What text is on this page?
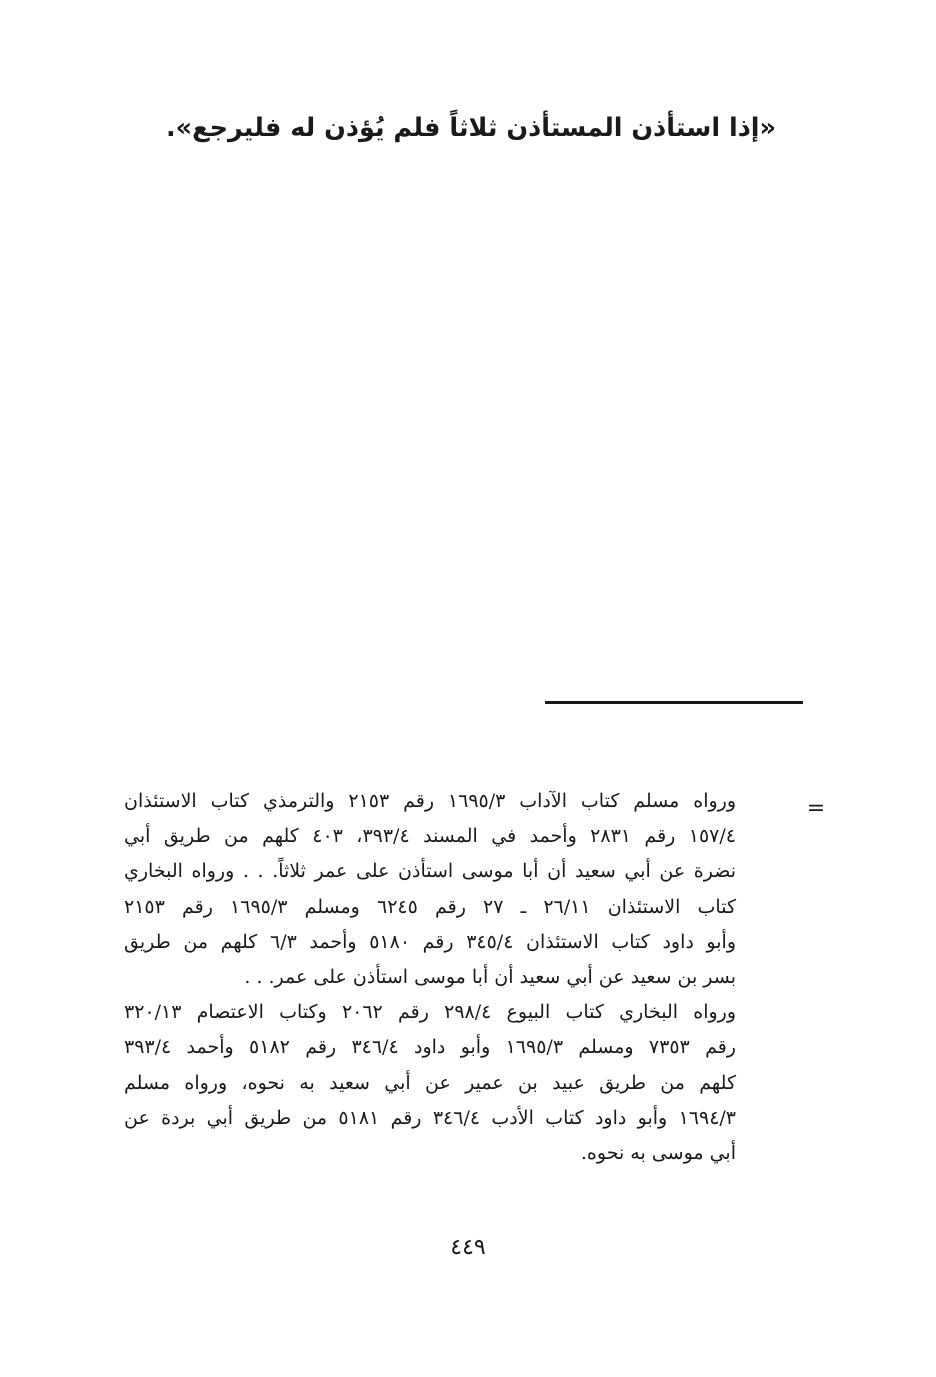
«إذا استأذن المستأذن ثلاثاً فلم يُؤذن له فليرجع».
=
ورواه مسلم كتاب الآداب ١٦٩٥/٣ رقم ٢١٥٣ والترمذي كتاب الاستئذان
١٥٧/٤ رقم ٢٨٣١ وأحمد في المسند ٣٩٣/٤، ٤٠٣ كلهم من طريق أبي
نضرة عن أبي سعيد أن أبا موسى استأذن على عمر ثلاثاً. . . ورواه البخاري
كتاب الاستئذان ٢٦/١١ ـ ٢٧ رقم ٦٢٤٥ ومسلم ١٦٩٥/٣ رقم ٢١٥٣
وأبو داود كتاب الاستئذان ٣٤٥/٤ رقم ٥١٨٠ وأحمد ٦/٣ كلهم من طريق
بسر بن سعيد عن أبي سعيد أن أبا موسى استأذن على عمر. . .
ورواه البخاري كتاب البيوع ٢٩٨/٤ رقم ٢٠٦٢ وكتاب الاعتصام ٣٢٠/١٣
رقم ٧٣٥٣ ومسلم ١٦٩٥/٣ وأبو داود ٣٤٦/٤ رقم ٥١٨٢ وأحمد ٣٩٣/٤
كلهم من طريق عبيد بن عمير عن أبي سعيد به نحوه، ورواه مسلم
١٦٩٤/٣ وأبو داود كتاب الأدب ٣٤٦/٤ رقم ٥١٨١ من طريق أبي بردة عن
أبي موسى به نحوه.
٤٤٩
